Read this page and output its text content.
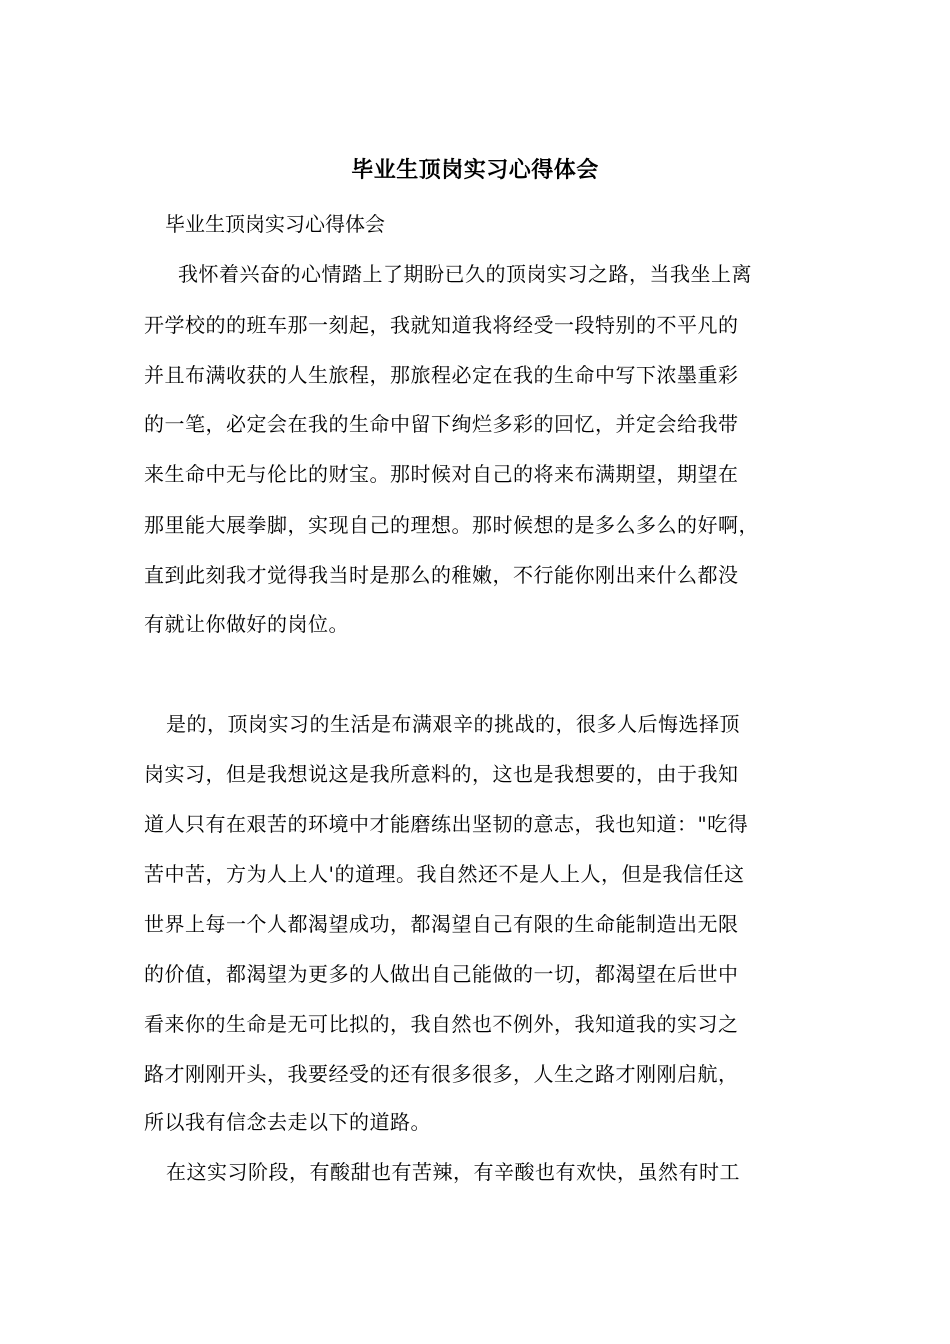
毕业生顶岗实习心得体会
毕业生顶岗实习心得体会
我怀着兴奋的心情踏上了期盼已久的顶岗实习之路，当我坐上离
开学校的的班车那一刻起，我就知道我将经受一段特别的不平凡的
并且布满收获的人生旅程，那旅程必定在我的生命中写下浓墨重彩
的一笔，必定会在我的生命中留下绚烂多彩的回忆，并定会给我带
来生命中无与伦比的财宝。那时候对自己的将来布满期望，期望在
那里能大展拳脚，实现自己的理想。那时候想的是多么多么的好啊，
直到此刻我才觉得我当时是那么的稚嫩，不行能你刚出来什么都没
有就让你做好的岗位。
是的，顶岗实习的生活是布满艰辛的挑战的，很多人后悔选择顶
岗实习，但是我想说这是我所意料的，这也是我想要的，由于我知
道人只有在艰苦的环境中才能磨练出坚韧的意志，我也知道："吃得
苦中苦，方为人上人'的道理。我自然还不是人上人，但是我信任这
世界上每一个人都渴望成功，都渴望自己有限的生命能制造出无限
的价值，都渴望为更多的人做出自己能做的一切，都渴望在后世中
看来你的生命是无可比拟的，我自然也不例外，我知道我的实习之
路才刚刚开头，我要经受的还有很多很多，人生之路才刚刚启航，
所以我有信念去走以下的道路。
在这实习阶段，有酸甜也有苦辣，有辛酸也有欢快，虽然有时工
